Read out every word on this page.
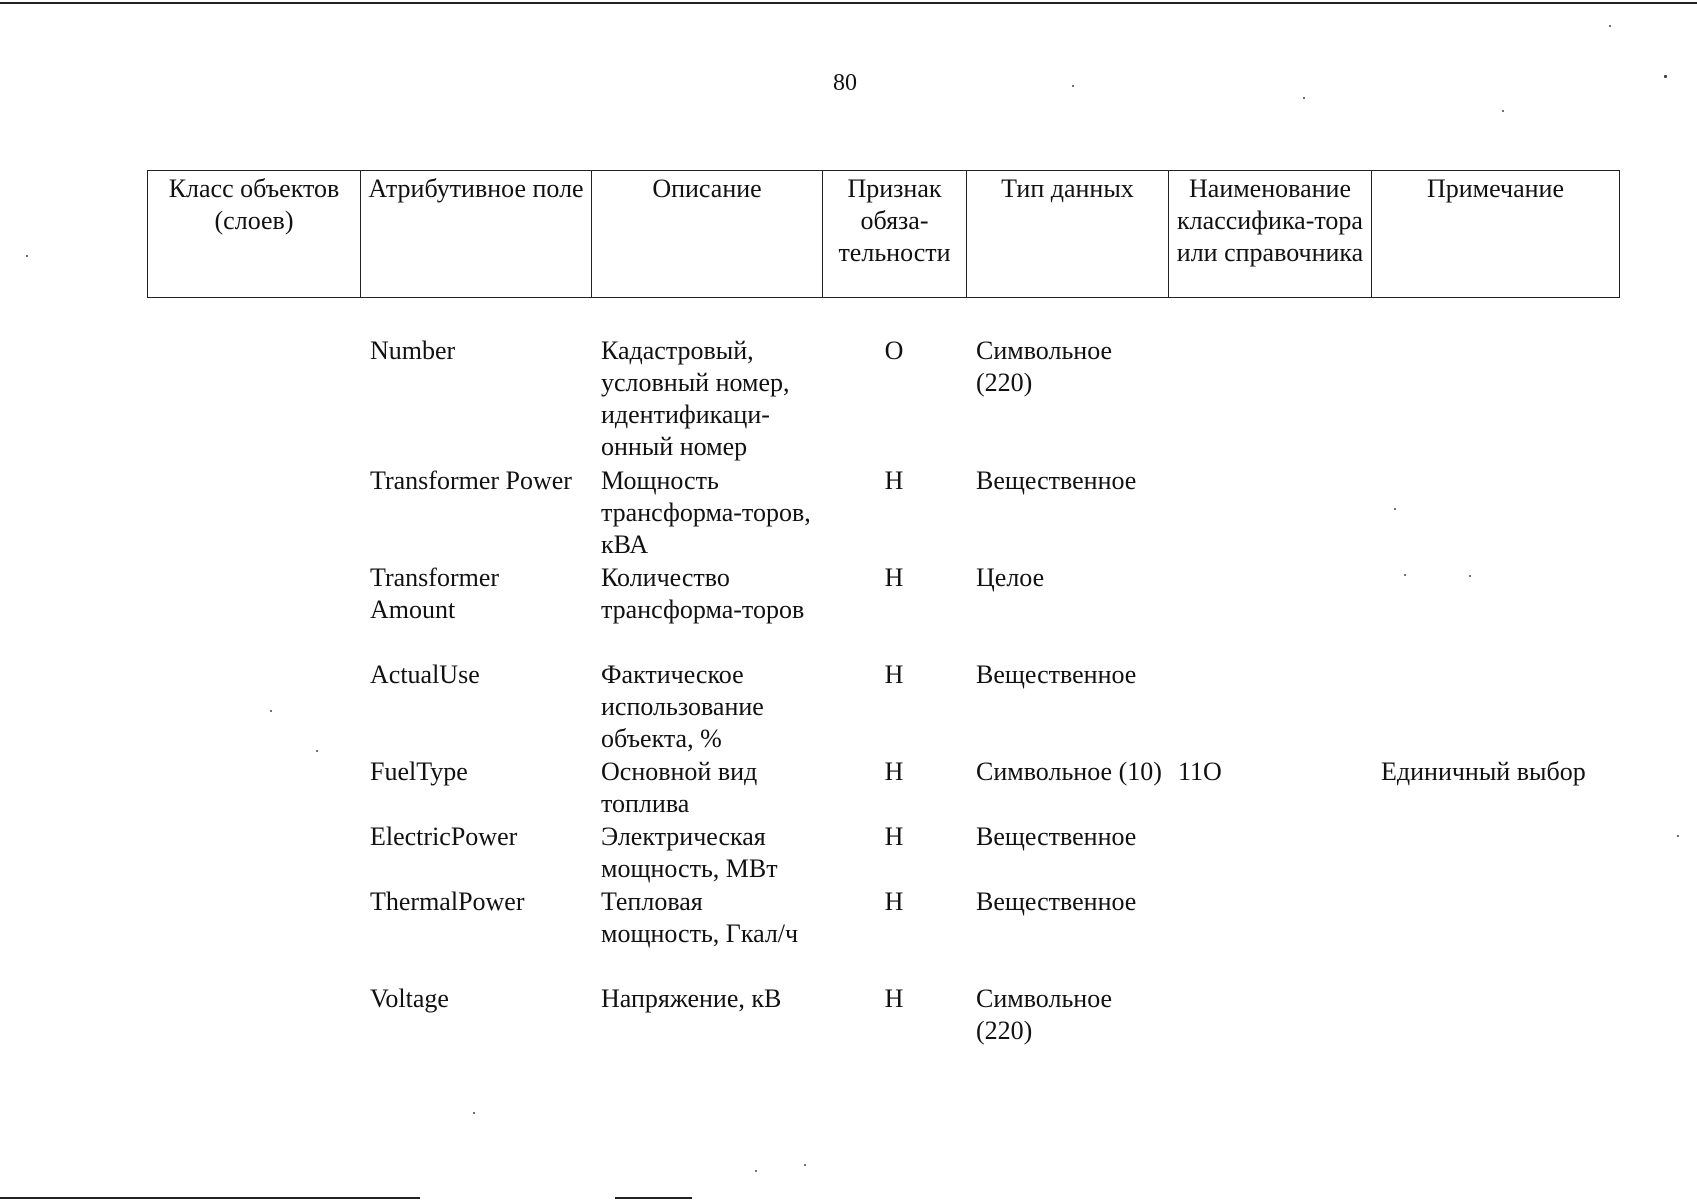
80
Класс объектов (слоев)	Атрибутивное поле	Описание	Признак обяза-тельности	Тип данных	Наименование классифика-тора или справочника	Примечание
	Number	Кадастровый, условный номер, идентификаци-онный номер	О	Символьное (220)		
	Transformer Power	Мощность трансформа-торов, кВА	Н	Вещественное		
	Transformer Amount	Количество трансформа-торов	Н	Целое		
	ActualUse	Фактическое использование объекта, %	Н	Вещественное		
	FuelType	Основной вид топлива	Н	Символьное (10)	11О	Единичный выбор
	ElectricPower	Электрическая мощность, МВт	Н	Вещественное		
	ThermalPower	Тепловая мощность, Гкал/ч	Н	Вещественное		
	Voltage	Напряжение, кВ	Н	Символьное (220)		
